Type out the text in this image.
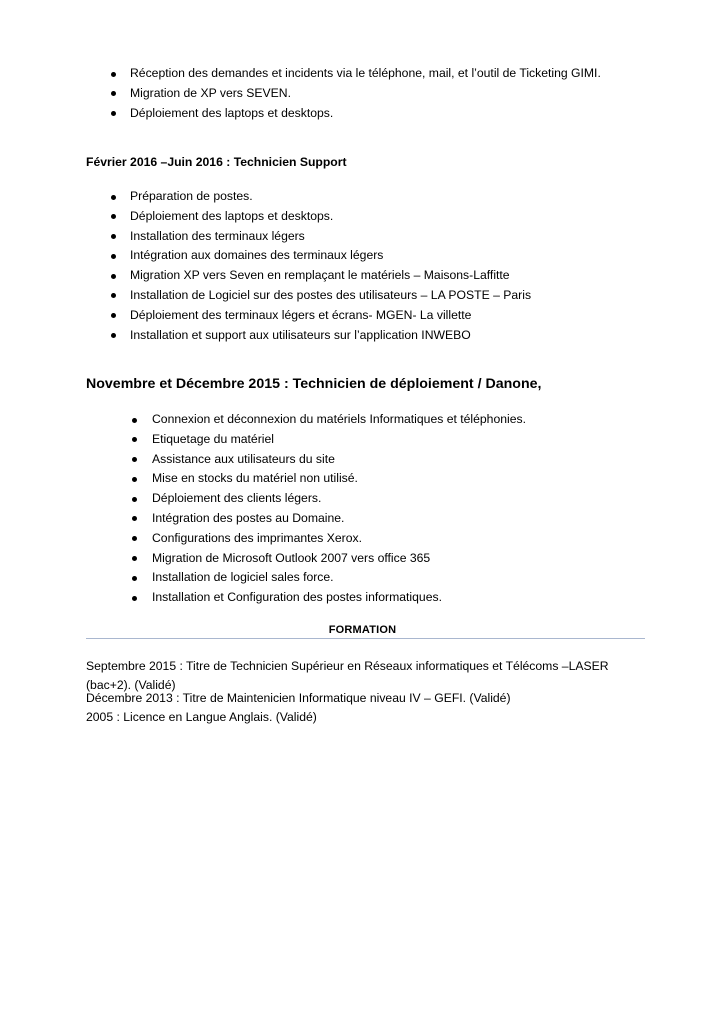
Réception des demandes et incidents via le téléphone, mail, et l’outil de Ticketing GIMI.
Migration de XP vers SEVEN.
Déploiement des laptops et desktops.
Février 2016 –Juin 2016 : Technicien Support
Préparation de postes.
Déploiement des laptops et desktops.
Installation des terminaux légers
Intégration aux domaines des terminaux légers
Migration XP vers Seven en remplaçant le matériels – Maisons-Laffitte
Installation de Logiciel sur des postes des utilisateurs – LA POSTE – Paris
Déploiement des terminaux légers et écrans- MGEN- La villette
Installation et support aux utilisateurs sur l’application INWEBO
Novembre et Décembre 2015 : Technicien de déploiement / Danone,
Connexion et déconnexion du matériels Informatiques et téléphonies.
Etiquetage du matériel
Assistance aux utilisateurs du site
Mise en stocks du matériel non utilisé.
Déploiement des clients légers.
Intégration des postes au Domaine.
Configurations des imprimantes Xerox.
Migration de Microsoft Outlook 2007 vers office 365
Installation de logiciel sales force.
Installation et Configuration des postes informatiques.
FORMATION
Septembre 2015 : Titre de Technicien Supérieur en Réseaux informatiques et Télécoms –LASER
(bac+2). (Validé)
Décembre 2013 : Titre de Maintenicien Informatique niveau IV – GEFI. (Validé)
2005 : Licence en Langue Anglais. (Validé)
